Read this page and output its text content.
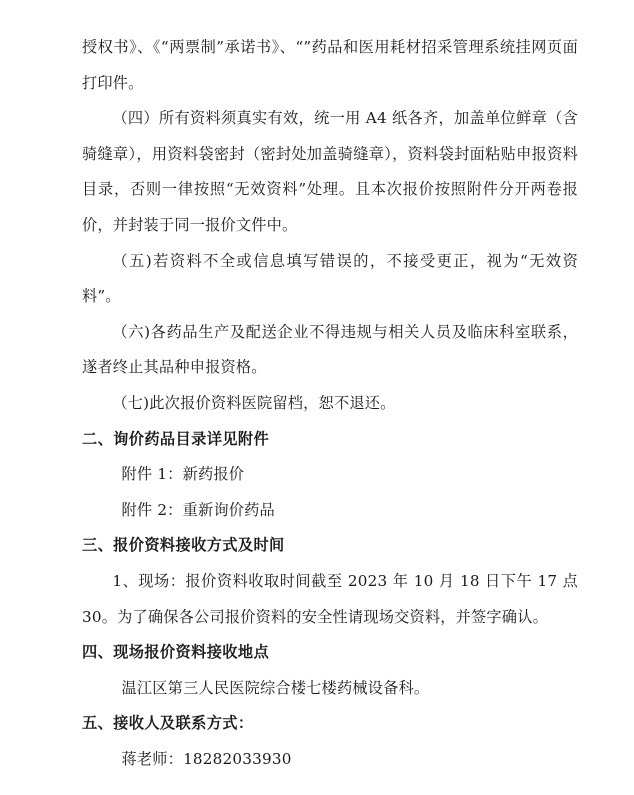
授权书》、《“两票制”承诺书》、“”药品和医用耗材招采管理系统挂网页面打印件。

（四）所有资料须真实有效，统一用 A4 纸各齐，加盖单位鲜章（含骑缝章），用资料袋密封（密封处加盖骑缝章），资料袋封面粘贴申报资料目录，否则一律按照“无效资料”处理。且本次报价按照附件分开两卷报价，并封装于同一报价文件中。

（五)若资料不全或信息填写错误的，不接受更正，视为“无效资料”。

（六)各药品生产及配送企业不得违规与相关人员及临床科室联系，遂者终止其品种申报资格。

（七)此次报价资料医院留档，恕不退还。

二、询价药品目录详见附件

附件 1：新药报价

附件 2：重新询价药品

三、报价资料接收方式及时间

1、现场：报价资料收取时间截至 2023 年 10 月 18 日下午 17 点 30。为了确保各公司报价资料的安全性请现场交资料，并签字确认。

四、现场报价资料接收地点

温江区第三人民医院综合楼七楼药械设备科。

五、接收人及联系方式：

蒋老师：18282033930
